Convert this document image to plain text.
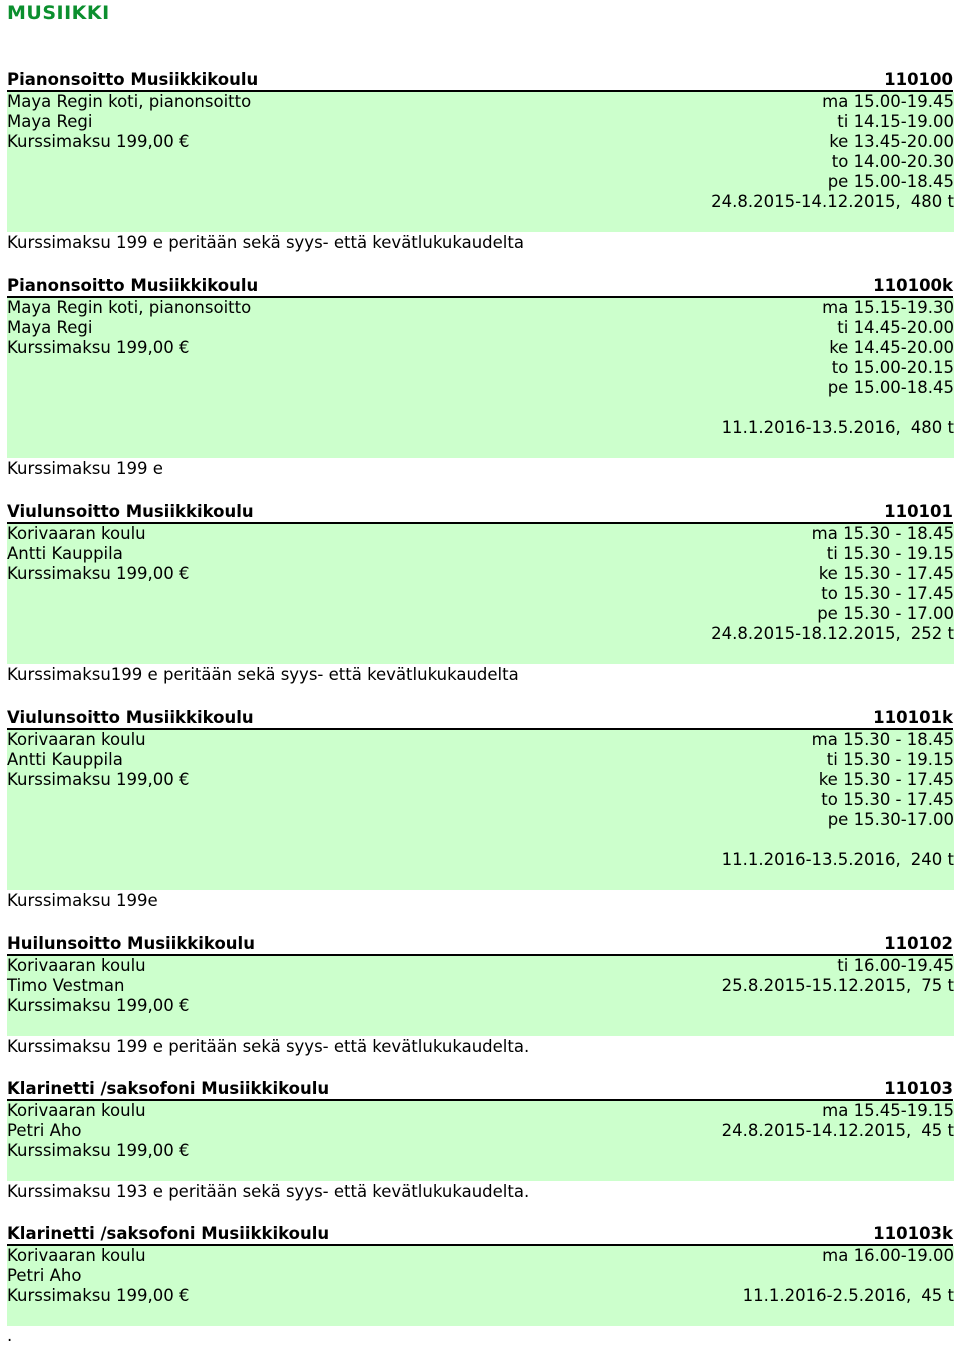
MUSIIKKI
Pianonsoitto Musiikkikoulu	110100
Maya Regin koti, pianonsoitto
Maya Regi
Kurssimaksu 199,00 €
ma 15.00-19.45
ti 14.15-19.00
ke 13.45-20.00
to 14.00-20.30
pe 15.00-18.45
24.8.2015-14.12.2015, 480 t
Kurssimaksu 199 e peritään sekä syys- että kevätlukukaudelta
Pianonsoitto Musiikkikoulu	110100k
Maya Regin koti, pianonsoitto
Maya Regi
Kurssimaksu 199,00 €
ma 15.15-19.30
ti 14.45-20.00
ke 14.45-20.00
to 15.00-20.15
pe 15.00-18.45
11.1.2016-13.5.2016, 480 t
Kurssimaksu 199 e
Viulunsoitto Musiikkikoulu	110101
Korivaaran koulu
Antti Kauppila
Kurssimaksu 199,00 €
ma 15.30 - 18.45
ti 15.30 - 19.15
ke 15.30 - 17.45
to 15.30 - 17.45
pe 15.30 - 17.00
24.8.2015-18.12.2015, 252 t
Kurssimaksu199 e peritään sekä syys- että kevätlukukaudelta
Viulunsoitto Musiikkikoulu	110101k
Korivaaran koulu
Antti Kauppila
Kurssimaksu 199,00 €
ma 15.30 - 18.45
ti 15.30 - 19.15
ke 15.30 - 17.45
to 15.30 - 17.45
pe 15.30-17.00
11.1.2016-13.5.2016, 240 t
Kurssimaksu 199e
Huilunsoitto Musiikkikoulu	110102
Korivaaran koulu
Timo Vestman
Kurssimaksu 199,00 €
ti 16.00-19.45
25.8.2015-15.12.2015, 75 t
Kurssimaksu 199 e peritään sekä syys- että kevätlukukaudelta.
Klarinetti /saksofoni Musiikkikoulu	110103
Korivaaran koulu
Petri Aho
Kurssimaksu 199,00 €
ma 15.45-19.15
24.8.2015-14.12.2015, 45 t
Kurssimaksu 193 e peritään sekä syys- että kevätlukukaudelta.
Klarinetti /saksofoni Musiikkikoulu	110103k
Korivaaran koulu
Petri Aho
Kurssimaksu 199,00 €
ma 16.00-19.00
11.1.2016-2.5.2016, 45 t
.
